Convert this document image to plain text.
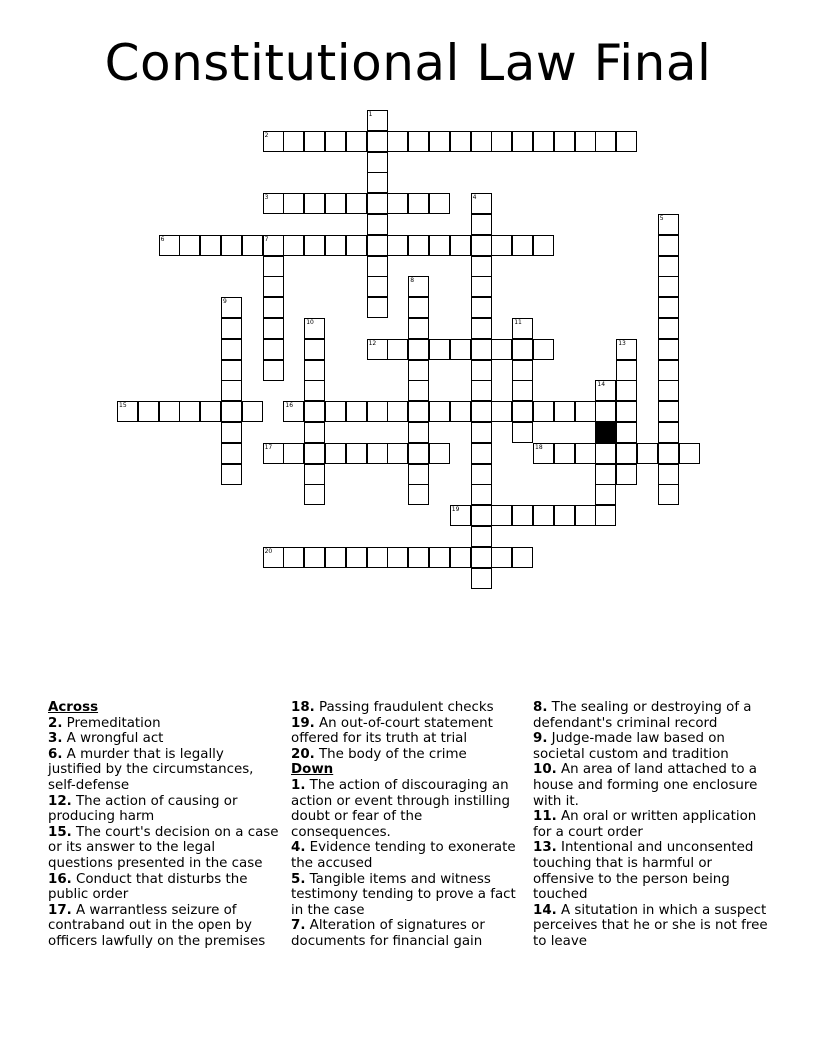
Constitutional Law Final
1
2
3	4
5
6	7
8
9
10	11
12	13
14
15	16
17	18
19
20

Across

2. Premeditation

3. A wrongful act

6. A murder that is legally justified by the circumstances, self-defense

12. The action of causing or producing harm

15. The court's decision on a case or its answer to the legal questions presented in the case

16. Conduct that disturbs the public order

17. A warrantless seizure of contraband out in the open by officers lawfully on the premises

18. Passing fraudulent checks

19. An out-of-court statement offered for its truth at trial

20. The body of the crime

Down

1. The action of discouraging an action or event through instilling doubt or fear of the consequences.

4. Evidence tending to exonerate the accused

5. Tangible items and witness testimony tending to prove a fact in the case

7. Alteration of signatures or documents for financial gain

8. The sealing or destroying of a defendant's criminal record

9. Judge-made law based on societal custom and tradition

10. An area of land attached to a house and forming one enclosure with it.

11. An oral or written application for a court order

13. Intentional and unconsented touching that is harmful or offensive to the person being touched

14. A situtation in which a suspect perceives that he or she is not free to leave
